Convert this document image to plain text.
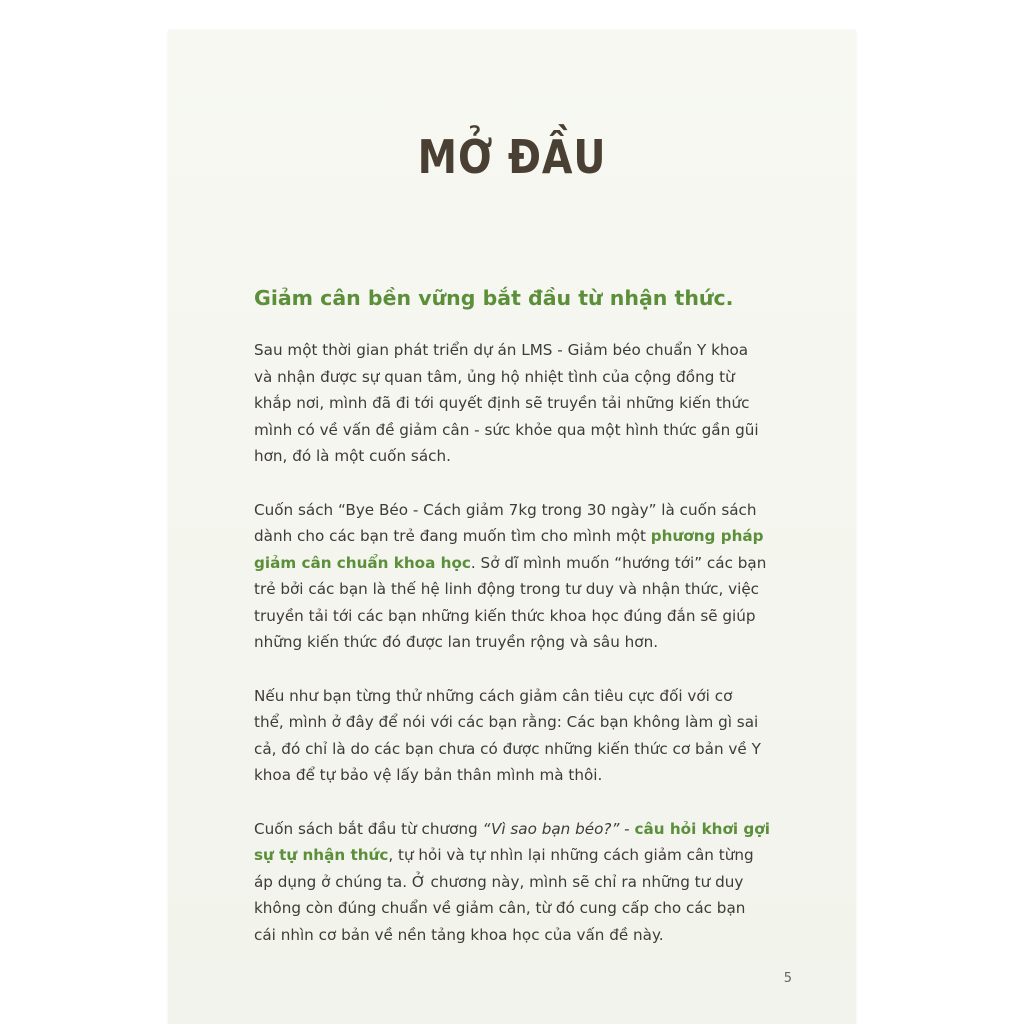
MỞ ĐẦU
Giảm cân bền vững bắt đầu từ nhận thức.

Sau một thời gian phát triển dự án LMS - Giảm béo chuẩn Y khoa
và nhận được sự quan tâm, ủng hộ nhiệt tình của cộng đồng từ
khắp nơi, mình đã đi tới quyết định sẽ truyền tải những kiến thức
mình có về vấn đề giảm cân - sức khỏe qua một hình thức gần gũi
hơn, đó là một cuốn sách.

Cuốn sách “Bye Béo - Cách giảm 7kg trong 30 ngày” là cuốn sách
dành cho các bạn trẻ đang muốn tìm cho mình một phương pháp
giảm cân chuẩn khoa học. Sở dĩ mình muốn “hướng tới” các bạn
trẻ bởi các bạn là thế hệ linh động trong tư duy và nhận thức, việc
truyền tải tới các bạn những kiến thức khoa học đúng đắn sẽ giúp
những kiến thức đó được lan truyền rộng và sâu hơn.

Nếu như bạn từng thử những cách giảm cân tiêu cực đối với cơ
thể, mình ở đây để nói với các bạn rằng: Các bạn không làm gì sai
cả, đó chỉ là do các bạn chưa có được những kiến thức cơ bản về Y
khoa để tự bảo vệ lấy bản thân mình mà thôi.

Cuốn sách bắt đầu từ chương “Vì sao bạn béo?” - câu hỏi khơi gợi
sự tự nhận thức, tự hỏi và tự nhìn lại những cách giảm cân từng
áp dụng ở chúng ta. Ở chương này, mình sẽ chỉ ra những tư duy
không còn đúng chuẩn về giảm cân, từ đó cung cấp cho các bạn
cái nhìn cơ bản về nền tảng khoa học của vấn đề này.

5
